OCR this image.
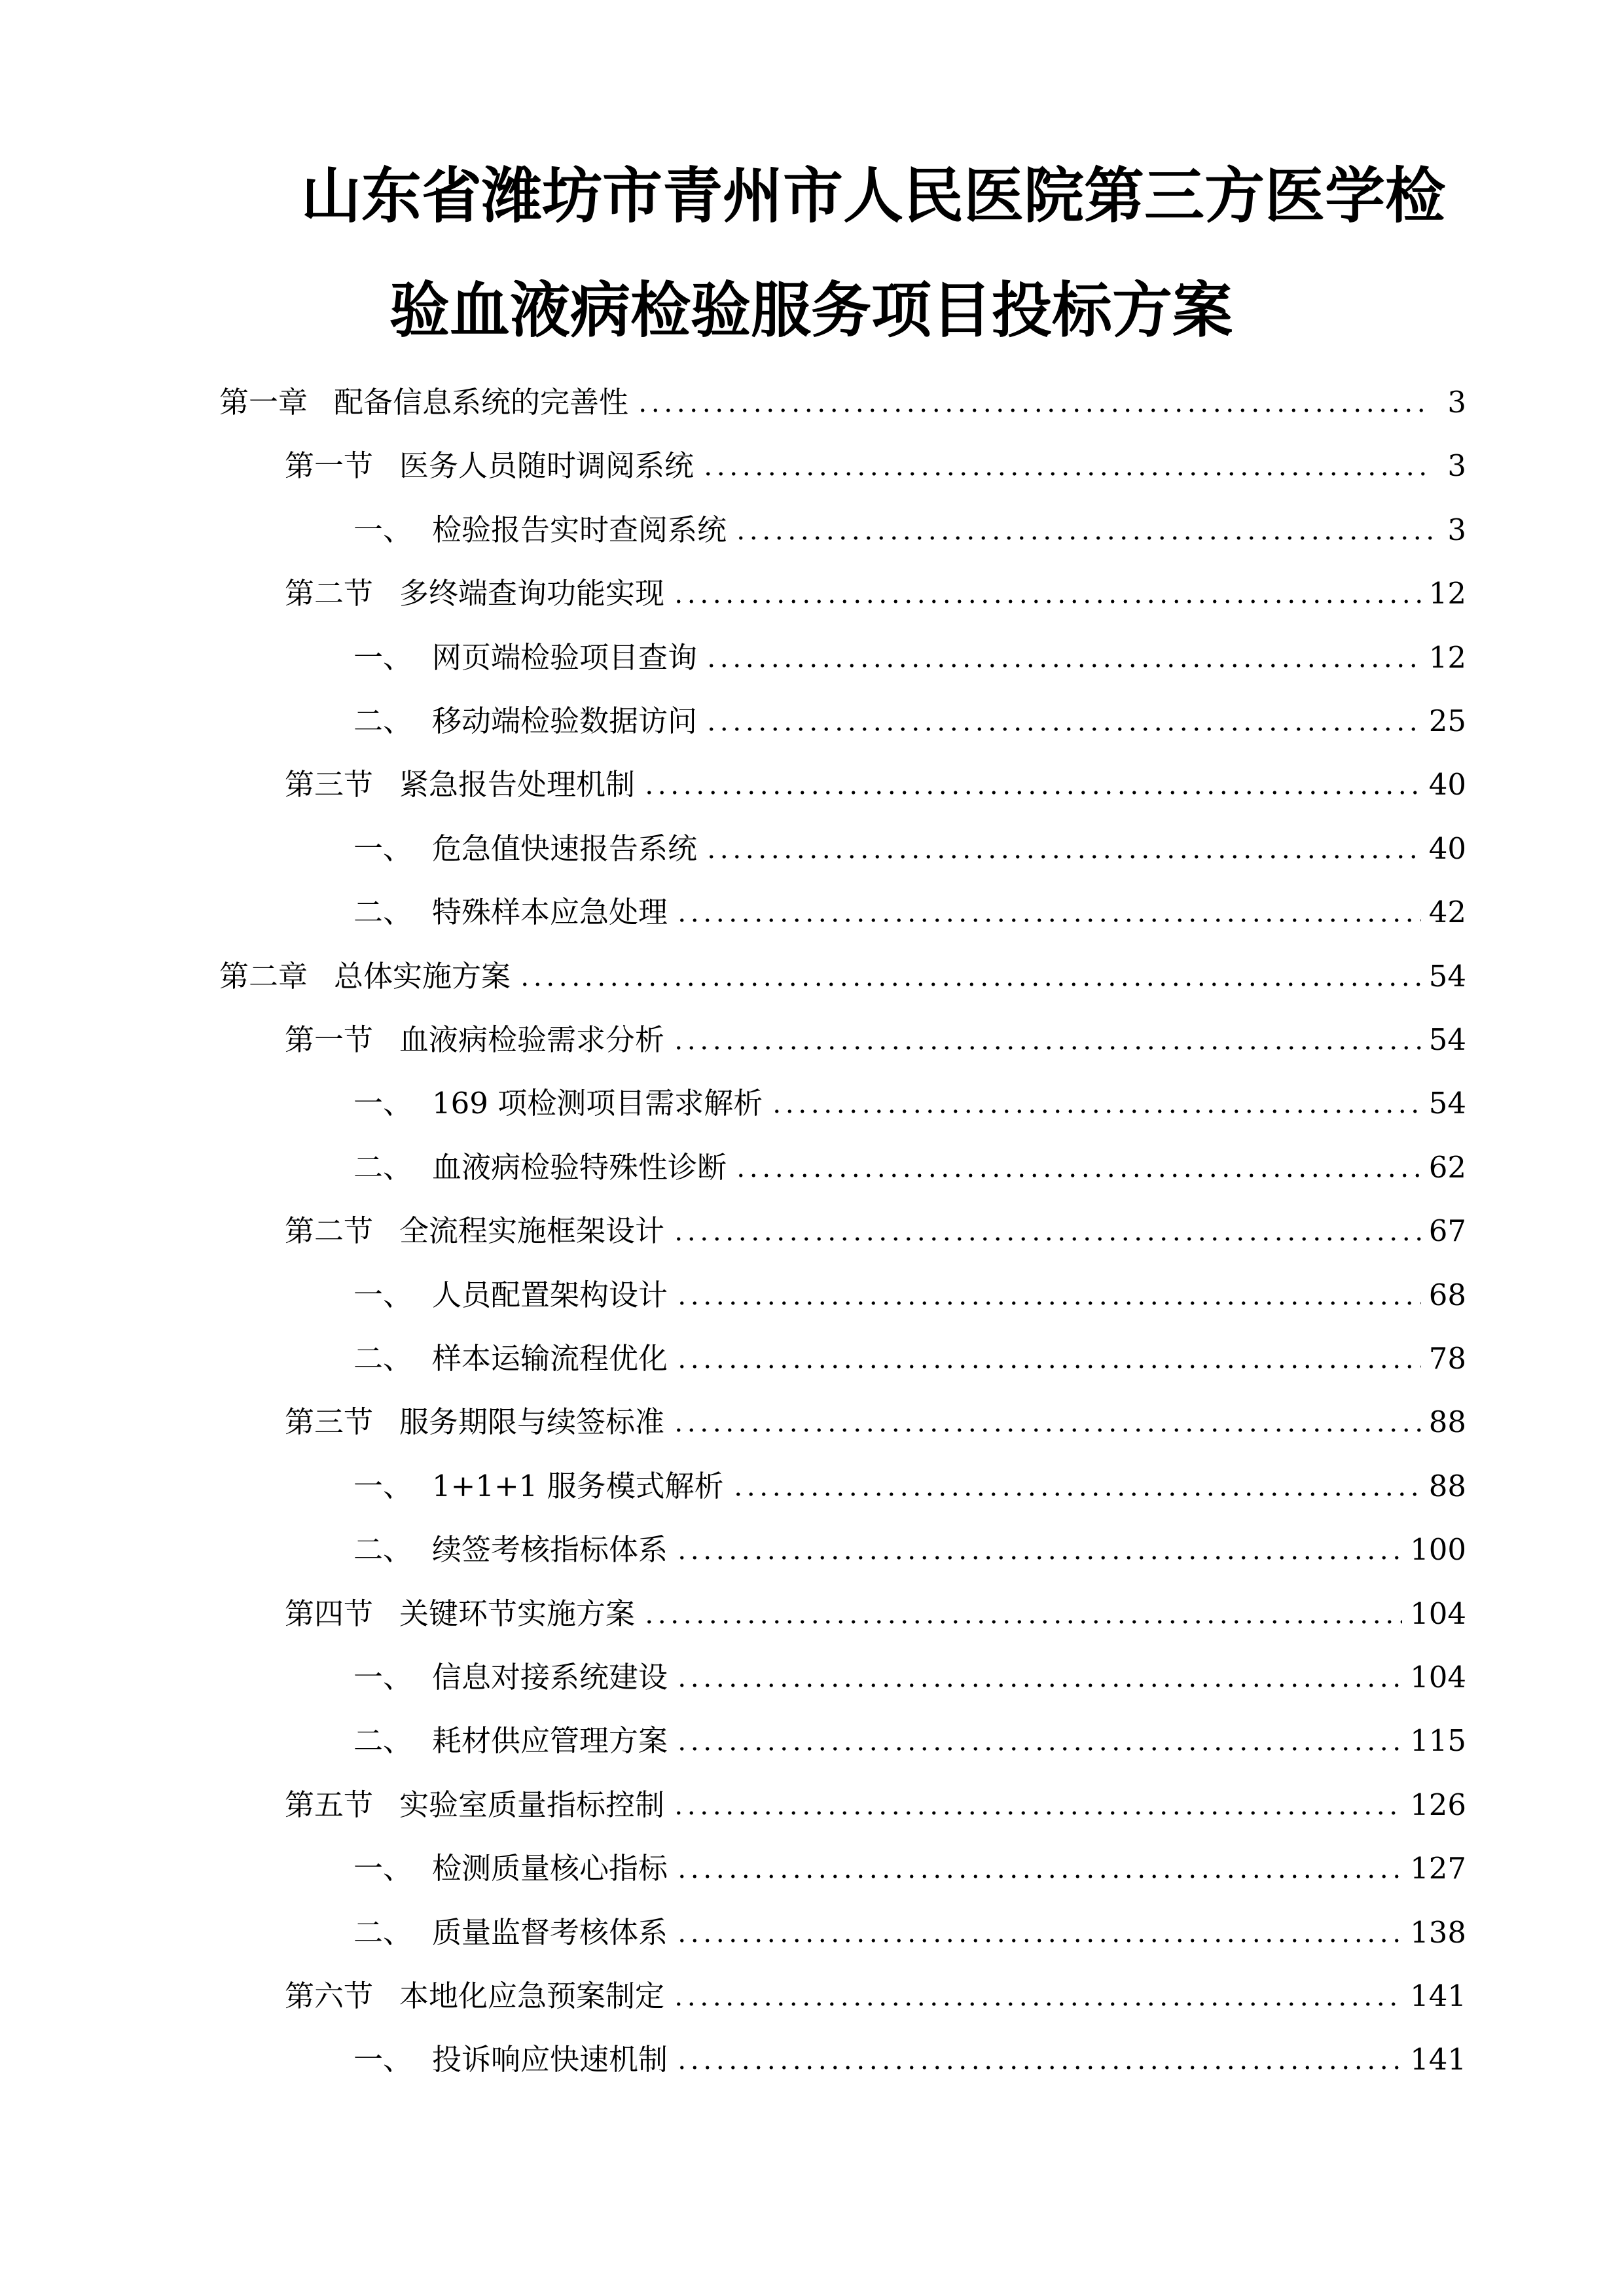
山东省潍坊市青州市人民医院第三方医学检
验血液病检验服务项目投标方案
第一章 配备信息系统的完善性	3
第一节 医务人员随时调阅系统	3
一、 检验报告实时查阅系统	3
第二节 多终端查询功能实现	12
一、 网页端检验项目查询	12
二、 移动端检验数据访问	25
第三节 紧急报告处理机制	40
一、 危急值快速报告系统	40
二、 特殊样本应急处理	42
第二章 总体实施方案	54
第一节 血液病检验需求分析	54
一、 169 项检测项目需求解析	54
二、 血液病检验特殊性诊断	62
第二节 全流程实施框架设计	67
一、 人员配置架构设计	68
二、 样本运输流程优化	78
第三节 服务期限与续签标准	88
一、 1+1+1 服务模式解析	88
二、 续签考核指标体系	100
第四节 关键环节实施方案	104
一、 信息对接系统建设	104
二、 耗材供应管理方案	115
第五节 实验室质量指标控制	126
一、 检测质量核心指标	127
二、 质量监督考核体系	138
第六节 本地化应急预案制定	141
一、 投诉响应快速机制	141
